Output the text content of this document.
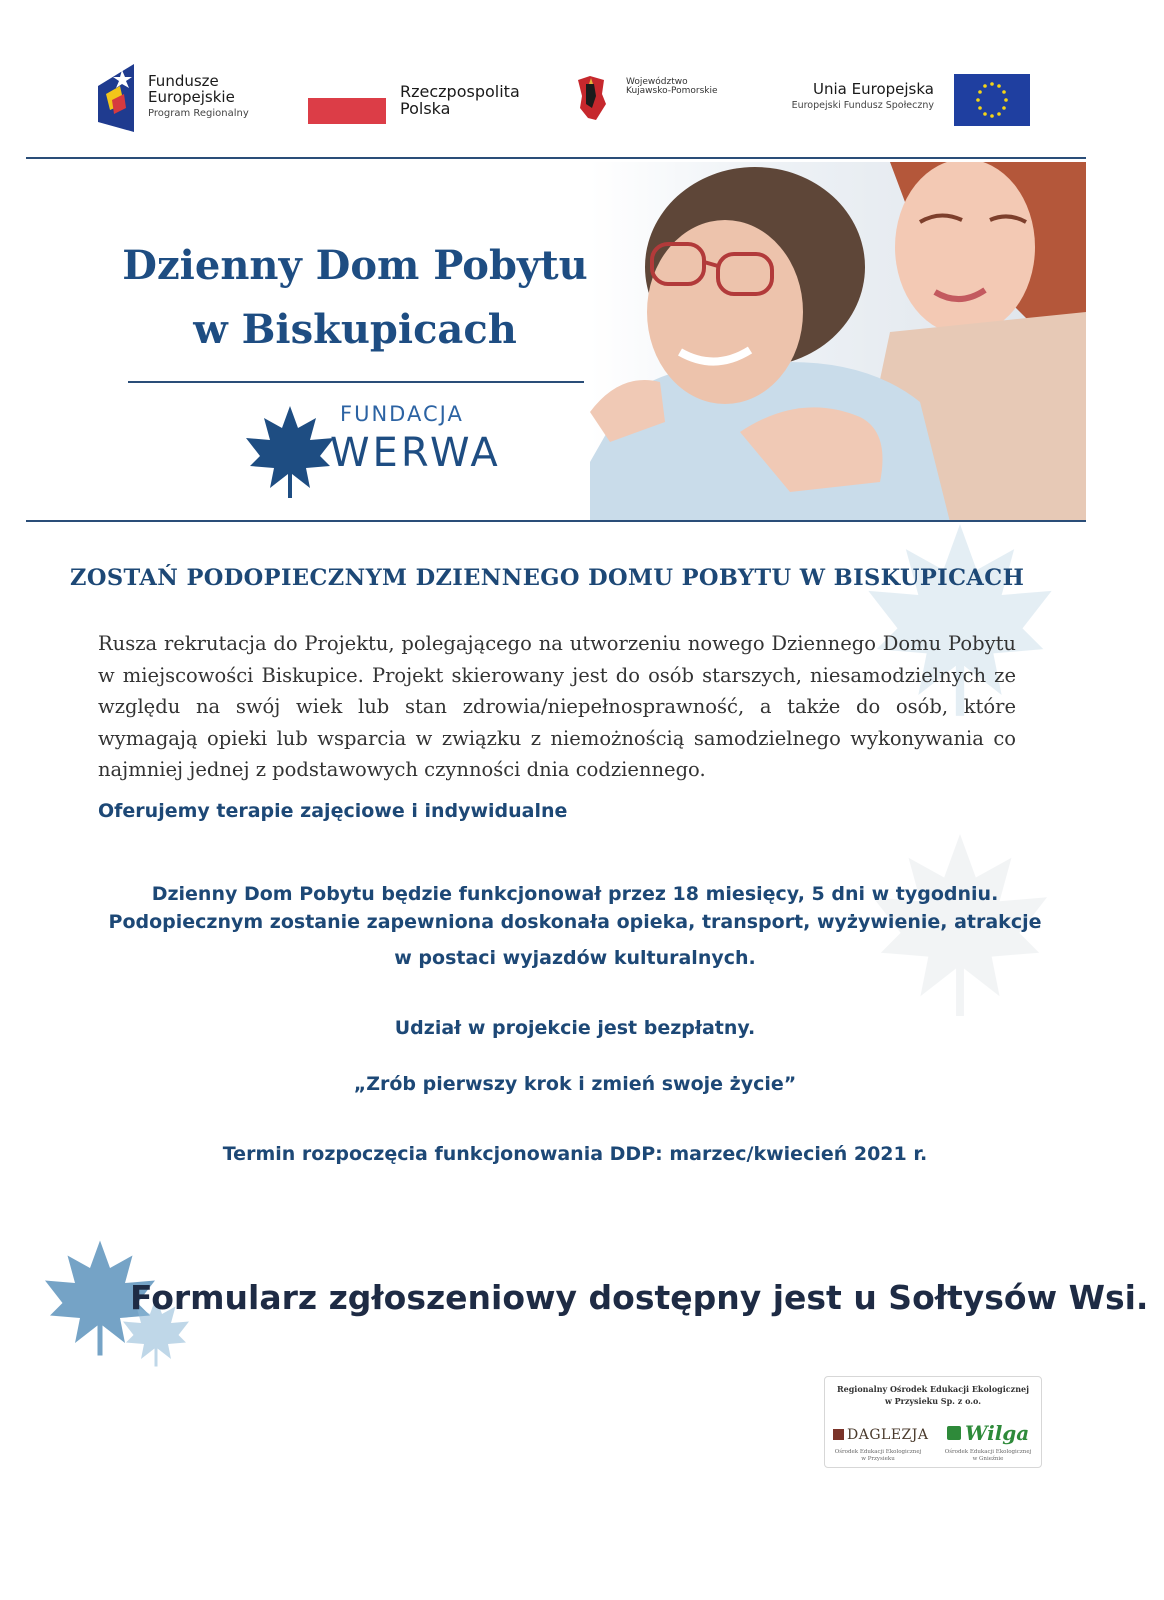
Fundusze
Europejskie
Program Regionalny
Rzeczpospolita
Polska
Województwo
Kujawsko-Pomorskie	Unia Europejska
Europejski Fundusz Społeczny
Dzienny Dom Pobytu
w Biskupicach
FUNDACJA
WERWA
ZOSTAŃ PODOPIECZNYM DZIENNEGO DOMU POBYTU W BISKUPICACH
Rusza rekrutacja do Projektu, polegającego na utworzeniu nowego Dziennego Domu Pobytu w miejscowości Biskupice. Projekt skierowany jest do osób starszych, niesamodzielnych ze względu na swój wiek lub stan zdrowia/niepełnosprawność, a także do osób, które wymagają opieki lub wsparcia w związku z niemożnością samodzielnego wykonywania co najmniej jednej z podstawowych czynności dnia codziennego.
Oferujemy terapie zajęciowe i indywidualne
Dzienny Dom Pobytu będzie funkcjonował przez 18 miesięcy, 5 dni w tygodniu.
Podopiecznym zostanie zapewniona doskonała opieka, transport, wyżywienie, atrakcje
w postaci wyjazdów kulturalnych.
Udział w projekcie jest bezpłatny.
„Zrób pierwszy krok i zmień swoje życie”
Termin rozpoczęcia funkcjonowania DDP: marzec/kwiecień 2021 r.
Formularz zgłoszeniowy dostępny jest u Sołtysów Wsi.
Regionalny Ośrodek Edukacji Ekologicznej
w Przysieku Sp. z o.o.
DAGLEZJA	Wilga
Ośrodek Edukacji Ekologicznej w Przysieku
Ośrodek Edukacji Ekologicznej w Gnieźnie
